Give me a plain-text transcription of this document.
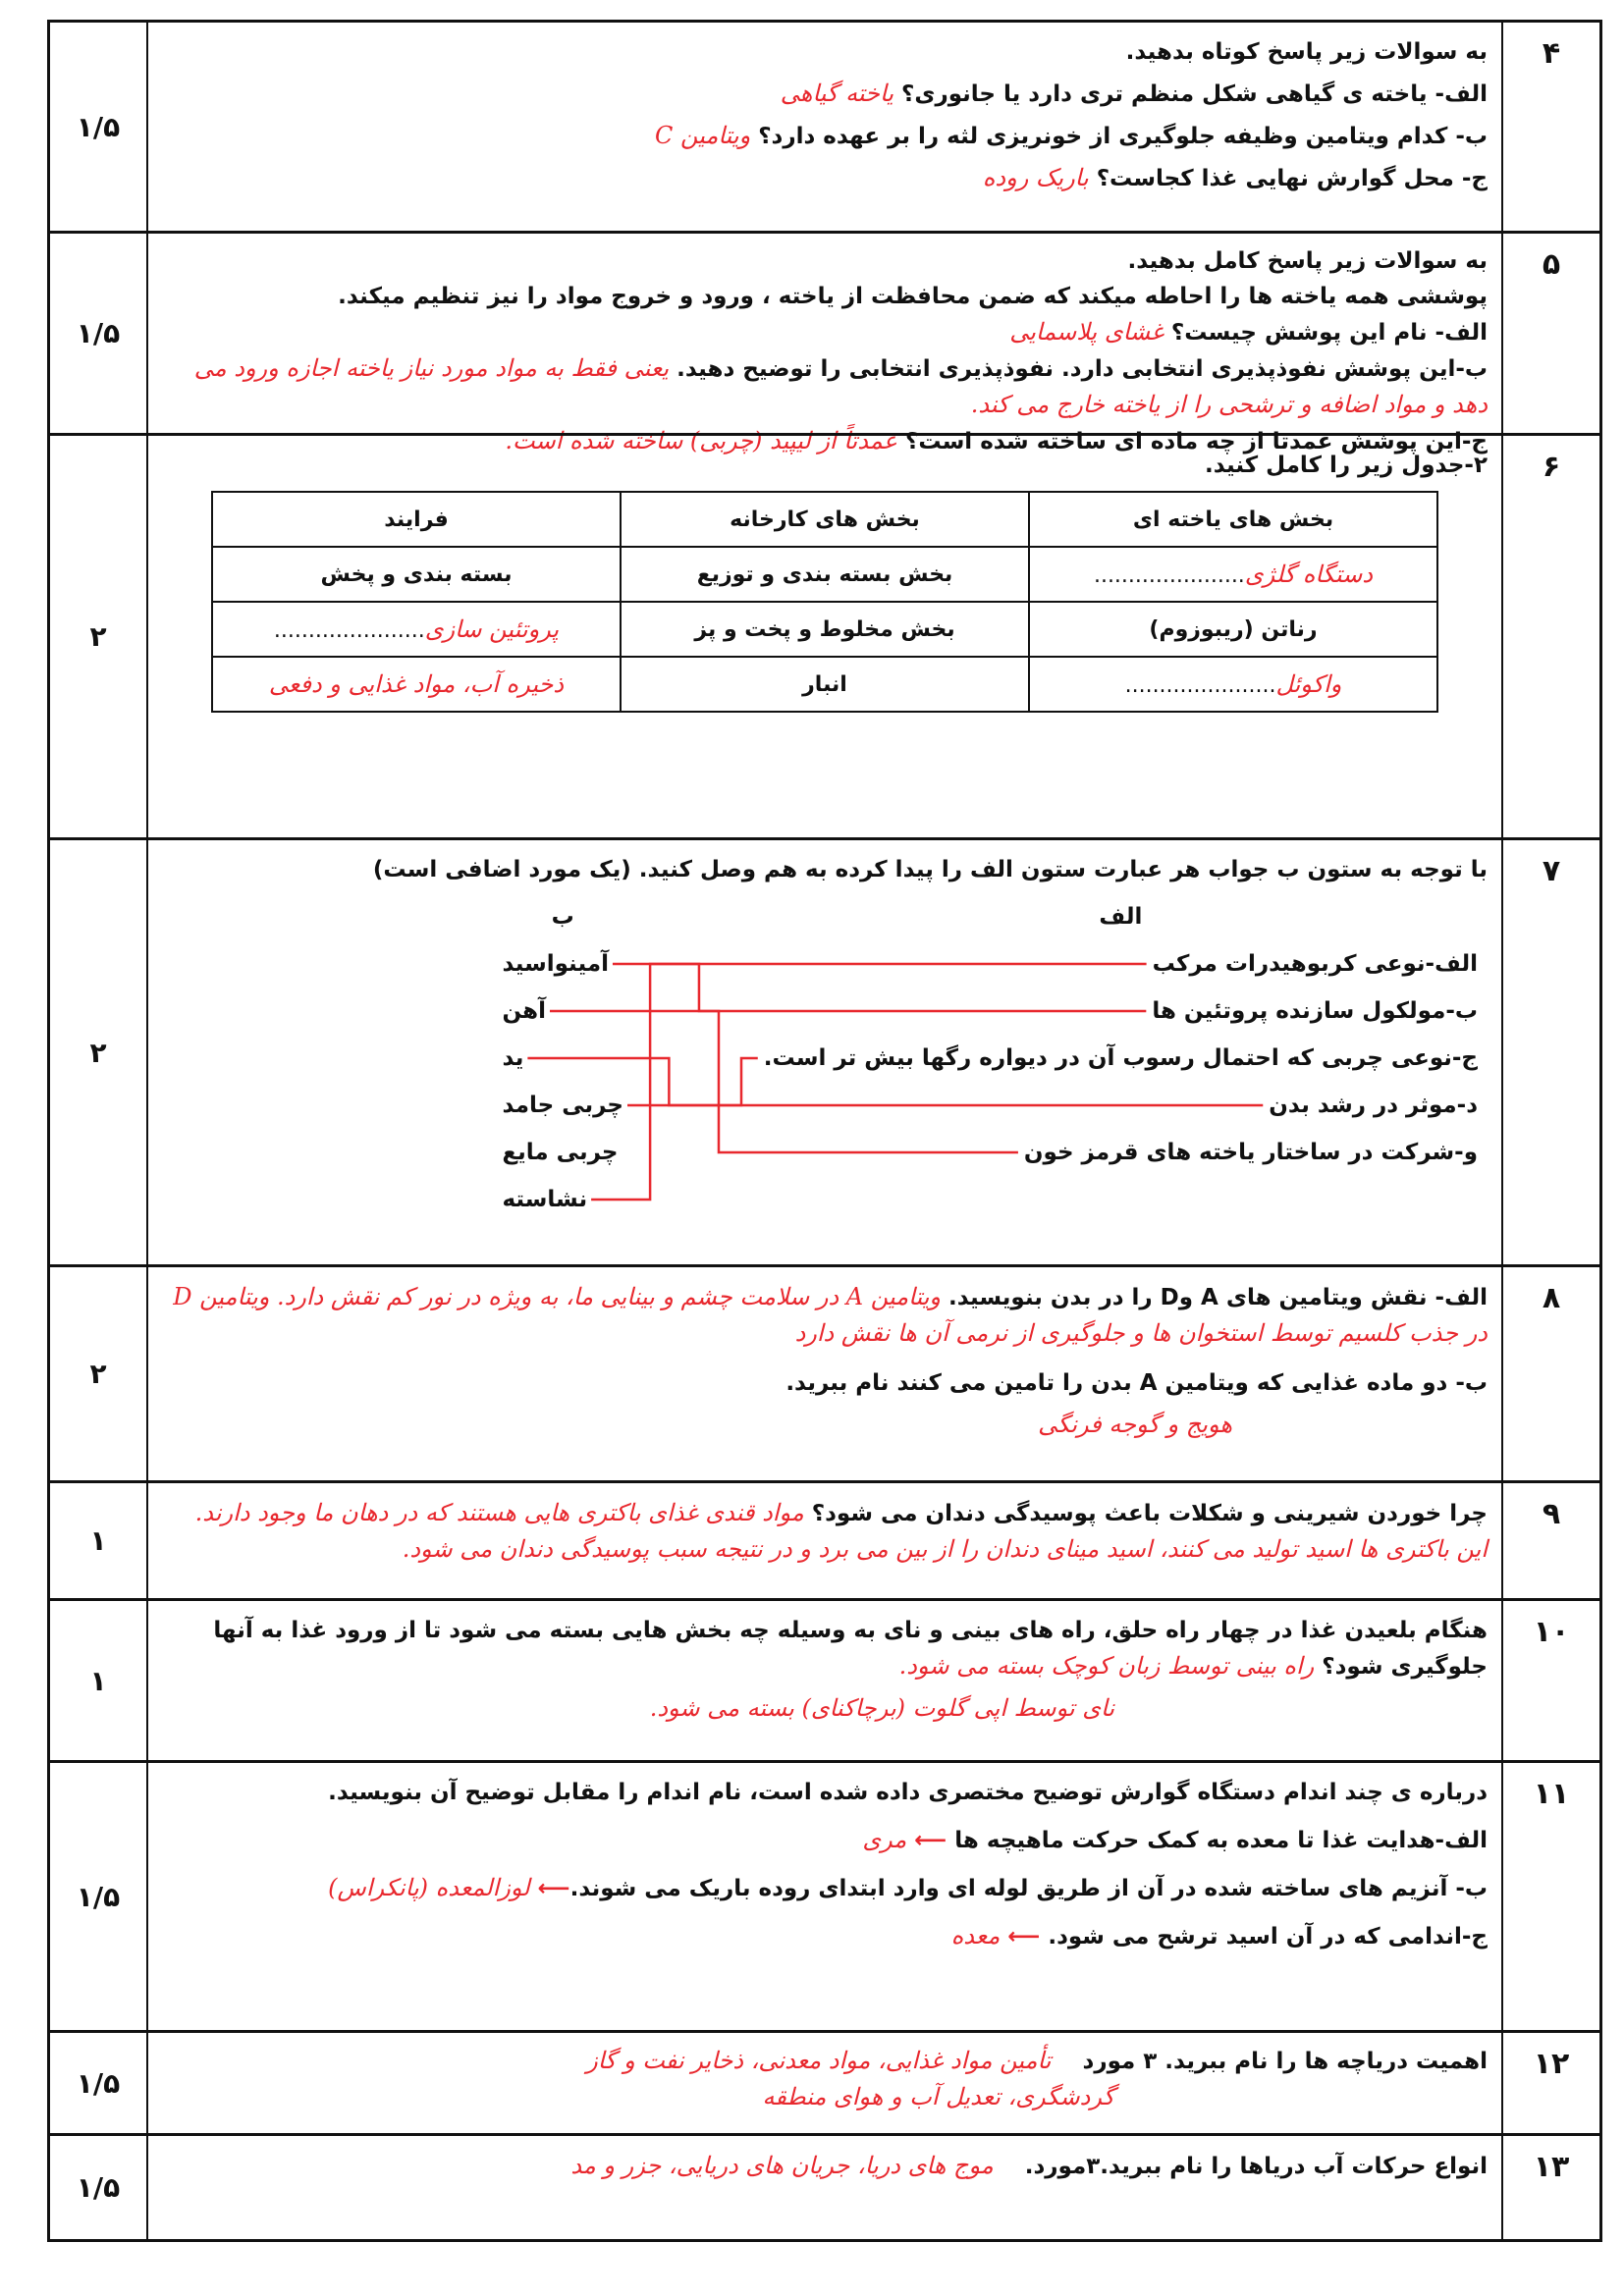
۴
به سوالات زیر پاسخ کوتاه بدهید.
الف- یاخته ی گیاهی شکل منظم تری دارد یا جانوری؟ یاخته گیاهی
ب- کدام ویتامین وظیفه جلوگیری از خونریزی لثه را بر عهده دارد؟ ویتامین C
ج- محل گوارش نهایی غذا کجاست؟ باریک روده
۱/۵
۵
به سوالات زیر پاسخ کامل بدهید.
پوششی همه یاخته ها را احاطه میکند که ضمن محافظت از یاخته ، ورود و خروج مواد را نیز تنظیم میکند.
الف- نام این پوشش چیست؟ غشای پلاسمایی
ب-این پوشش نفوذپذیری انتخابی دارد. نفوذپذیری انتخابی را توضیح دهید. یعنی فقط به مواد مورد نیاز یاخته اجازه ورود می دهد و مواد اضافه و ترشحی را از یاخته خارج می کند.
ج-این پوشش عمدتا از چه ماده ای ساخته شده است؟ عمدتاً از لیپید (چربی) ساخته شده است.
۱/۵
۶
۲-جدول زیر را کامل کنید.
بخش های یاخته ای	بخش های کارخانه	فرایند
دستگاه گلژی......................	بخش بسته بندی و توزیع	بسته بندی و پخش
رناتن (ریبوزوم)	بخش مخلوط و پخت و پز	پروتئین سازی......................
واکوئل......................	انبار	ذخیره آب، مواد غذایی و دفعی
۲
۷
با توجه به ستون ب جواب هر عبارت ستون الف را پیدا کرده به هم وصل کنید. (یک مورد اضافی است)
الف
الف-نوعی کربوهیدرات مرکب
ب-مولکول سازنده پروتئین ها
ج-نوعی چربی که احتمال رسوب آن در دیواره رگها بیش تر است.
د-موثر در رشد بدن
و-شرکت در ساختار یاخته های قرمز خون
ب
آمینواسید
آهن
ید
چربی جامد
چربی مایع
نشاسته
۲
۸
الف- نقش ویتامین های A وD را در بدن بنویسید. ویتامین A در سلامت چشم و بینایی ما، به ویژه در نور کم نقش دارد. ویتامین D در جذب کلسیم توسط استخوان ها و جلوگیری از نرمی آن ها نقش دارد
ب- دو ماده غذایی که ویتامین A بدن را تامین می کنند نام ببرید.
هویج و گوجه فرنگی
۲
۹
چرا خوردن شیرینی و شکلات باعث پوسیدگی دندان می شود؟ مواد قندی غذای باکتری هایی هستند که در دهان ما وجود دارند. این باکتری ها اسید تولید می کنند، اسید مینای دندان را از بین می برد و در نتیجه سبب پوسیدگی دندان می شود.
۱
۱۰
هنگام بلعیدن غذا در چهار راه حلق، راه های بینی و نای به وسیله چه بخش هایی بسته می شود تا از ورود غذا به آنها جلوگیری شود؟ راه بینی توسط زبان کوچک بسته می شود.
نای توسط اپی گلوت (برچاکنای) بسته می شود.
۱
۱۱
درباره ی چند اندام دستگاه گوارش توضیح مختصری داده شده است، نام اندام را مقابل توضیح آن بنویسید.
الف-هدایت غذا تا معده به کمک حرکت ماهیچه ها ⟵ مری
ب- آنزیم های ساخته شده در آن از طریق لوله ای وارد ابتدای روده باریک می شوند.⟵ لوزالمعده (پانکراس)
ج-اندامی که در آن اسید ترشح می شود. ⟵ معده
۱/۵
۱۲
اهمیت دریاچه ها را نام ببرید. ۳ مورد    تأمین مواد غذایی، مواد معدنی، ذخایر نفت و گاز
گردشگری، تعدیل آب و هوای منطقه
۱/۵
۱۳
انواع حرکات آب دریاها را نام ببرید.۳مورد.    موج های دریا، جریان های دریایی، جزر و مد
۱/۵
